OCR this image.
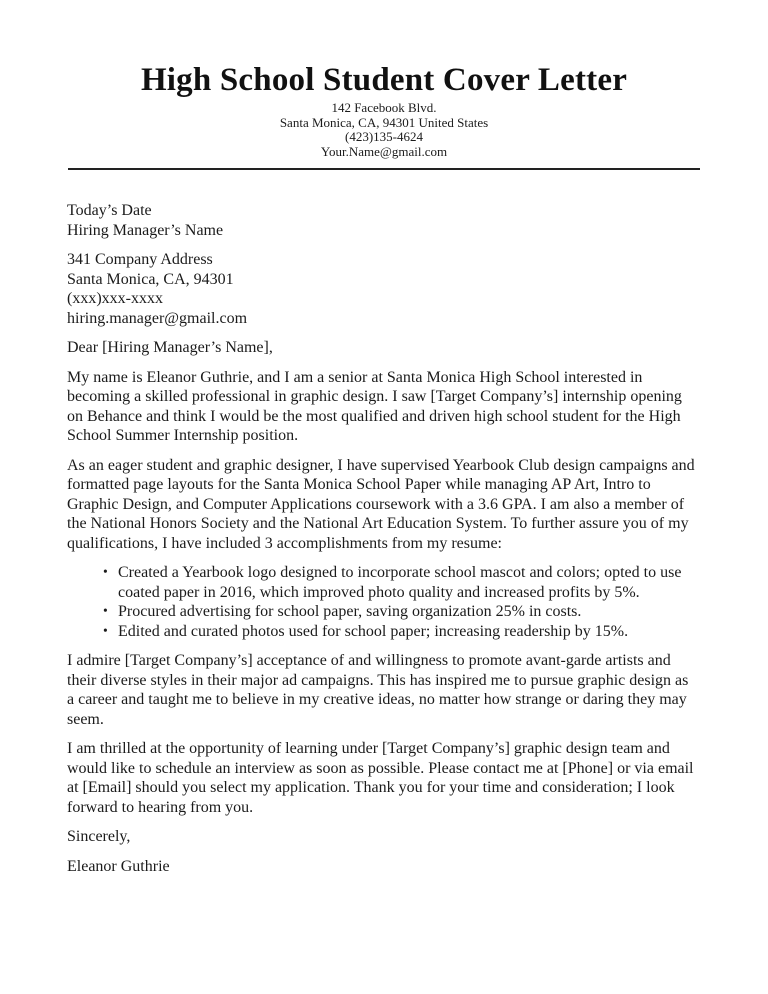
High School Student Cover Letter
142 Facebook Blvd.
Santa Monica, CA, 94301 United States
(423)135-4624
Your.Name@gmail.com
Today’s Date
Hiring Manager’s Name
341 Company Address
Santa Monica, CA, 94301
(xxx)xxx-xxxx
hiring.manager@gmail.com

Dear [Hiring Manager’s Name],

My name is Eleanor Guthrie, and I am a senior at Santa Monica High School interested in becoming a skilled professional in graphic design. I saw [Target Company’s] internship opening on Behance and think I would be the most qualified and driven high school student for the High School Summer Internship position.

As an eager student and graphic designer, I have supervised Yearbook Club design campaigns and formatted page layouts for the Santa Monica School Paper while managing AP Art, Intro to Graphic Design, and Computer Applications coursework with a 3.6 GPA. I am also a member of the National Honors Society and the National Art Education System. To further assure you of my qualifications, I have included 3 accomplishments from my resume:

• Created a Yearbook logo designed to incorporate school mascot and colors; opted to use coated paper in 2016, which improved photo quality and increased profits by 5%.
• Procured advertising for school paper, saving organization 25% in costs.
• Edited and curated photos used for school paper; increasing readership by 15%.

I admire [Target Company’s] acceptance of and willingness to promote avant-garde artists and their diverse styles in their major ad campaigns. This has inspired me to pursue graphic design as a career and taught me to believe in my creative ideas, no matter how strange or daring they may seem.

I am thrilled at the opportunity of learning under [Target Company’s] graphic design team and would like to schedule an interview as soon as possible. Please contact me at [Phone] or via email at [Email] should you select my application. Thank you for your time and consideration; I look forward to hearing from you.

Sincerely,

Eleanor Guthrie
